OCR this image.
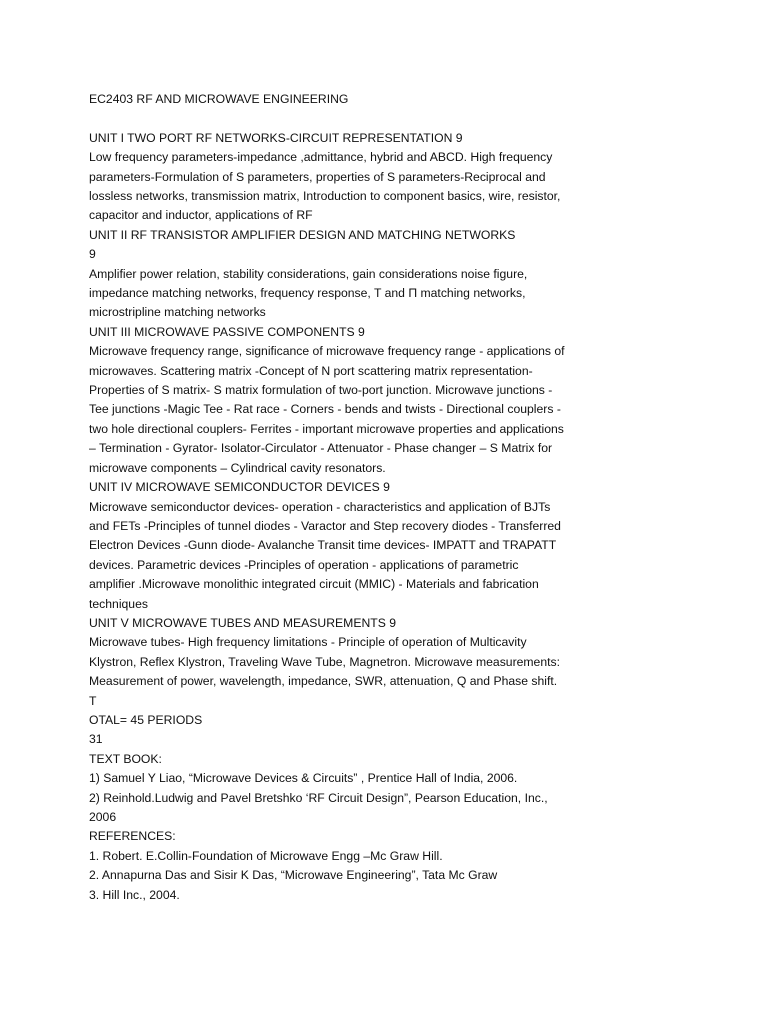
EC2403 RF AND MICROWAVE ENGINEERING
UNIT I TWO PORT RF NETWORKS-CIRCUIT REPRESENTATION 9
Low frequency parameters-impedance ,admittance, hybrid and ABCD. High frequency
parameters-Formulation of S parameters, properties of S parameters-Reciprocal and
lossless networks, transmission matrix, Introduction to component basics, wire, resistor,
capacitor and inductor, applications of RF
UNIT II RF TRANSISTOR AMPLIFIER DESIGN AND MATCHING NETWORKS
9
Amplifier power relation, stability considerations, gain considerations noise figure,
impedance matching networks, frequency response, T and Π matching networks,
microstripline matching networks
UNIT III MICROWAVE PASSIVE COMPONENTS 9
Microwave frequency range, significance of microwave frequency range - applications of
microwaves. Scattering matrix -Concept of N port scattering matrix representation-
Properties of S matrix- S matrix formulation of two-port junction. Microwave junctions -
Tee junctions -Magic Tee - Rat race - Corners - bends and twists - Directional couplers -
two hole directional couplers- Ferrites - important microwave properties and applications
– Termination - Gyrator- Isolator-Circulator - Attenuator - Phase changer – S Matrix for
microwave components – Cylindrical cavity resonators.
UNIT IV MICROWAVE SEMICONDUCTOR DEVICES 9
Microwave semiconductor devices- operation - characteristics and application of BJTs
and FETs -Principles of tunnel diodes - Varactor and Step recovery diodes - Transferred
Electron Devices -Gunn diode- Avalanche Transit time devices- IMPATT and TRAPATT
devices. Parametric devices -Principles of operation - applications of parametric
amplifier .Microwave monolithic integrated circuit (MMIC) - Materials and fabrication
techniques
UNIT V MICROWAVE TUBES AND MEASUREMENTS 9
Microwave tubes- High frequency limitations - Principle of operation of Multicavity
Klystron, Reflex Klystron, Traveling Wave Tube, Magnetron. Microwave measurements:
Measurement of power, wavelength, impedance, SWR, attenuation, Q and Phase shift.
T
OTAL= 45 PERIODS
31
TEXT BOOK:
1) Samuel Y Liao, “Microwave Devices & Circuits” , Prentice Hall of India, 2006.
2) Reinhold.Ludwig and Pavel Bretshko ‘RF Circuit Design”, Pearson Education, Inc.,
2006
REFERENCES:
1. Robert. E.Collin-Foundation of Microwave Engg –Mc Graw Hill.
2. Annapurna Das and Sisir K Das, “Microwave Engineering”, Tata Mc Graw
3. Hill Inc., 2004.
